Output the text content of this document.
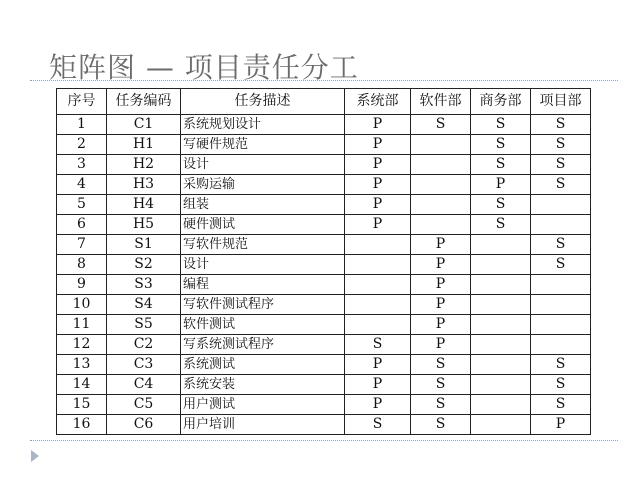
矩阵图 — 项目责任分工
序号	任务编码	任务描述	系统部	软件部	商务部	项目部
1	C1	系统规划设计	P	S	S	S
2	H1	写硬件规范	P		S	S
3	H2	设计	P		S	S
4	H3	采购运输	P		P	S
5	H4	组装	P		S	
6	H5	硬件测试	P		S	
7	S1	写软件规范		P		S
8	S2	设计		P		S
9	S3	编程		P		
10	S4	写软件测试程序		P		
11	S5	软件测试		P		
12	C2	写系统测试程序	S	P		
13	C3	系统测试	P	S		S
14	C4	系统安装	P	S		S
15	C5	用户测试	P	S		S
16	C6	用户培训	S	S		P
